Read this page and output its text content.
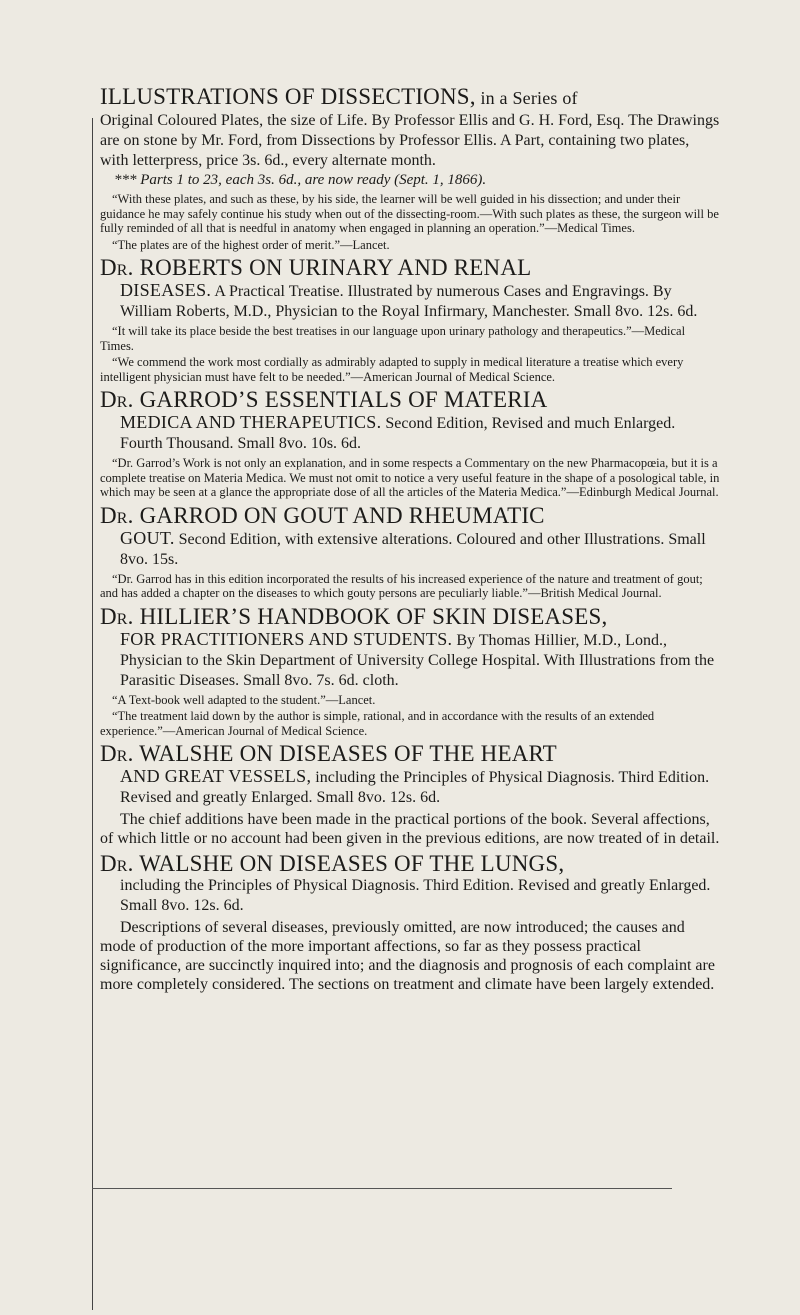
ILLUSTRATIONS OF DISSECTIONS, in a Series of

Original Coloured Plates, the size of Life. By Professor Ellis and G. H. Ford, Esq. The Drawings are on stone by Mr. Ford, from Dissections by Professor Ellis. A Part, containing two plates, with letterpress, price 3s. 6d., every alternate month.

*** Parts 1 to 23, each 3s. 6d., are now ready (Sept. 1, 1866).

“With these plates, and such as these, by his side, the learner will be well guided in his dissection; and under their guidance he may safely continue his study when out of the dissecting-room.—With such plates as these, the surgeon will be fully reminded of all that is needful in anatomy when engaged in planning an operation.”—Medical Times.

“The plates are of the highest order of merit.”—Lancet.

Dr. ROBERTS ON URINARY AND RENAL

DISEASES. A Practical Treatise. Illustrated by numerous Cases and Engravings. By William Roberts, M.D., Physician to the Royal Infirmary, Manchester. Small 8vo. 12s. 6d.

“It will take its place beside the best treatises in our language upon urinary pathology and therapeutics.”—Medical Times.

“We commend the work most cordially as admirably adapted to supply in medical literature a treatise which every intelligent physician must have felt to be needed.”—American Journal of Medical Science.

Dr. GARROD’S ESSENTIALS OF MATERIA

MEDICA AND THERAPEUTICS. Second Edition, Revised and much Enlarged. Fourth Thousand. Small 8vo. 10s. 6d.

“Dr. Garrod’s Work is not only an explanation, and in some respects a Commentary on the new Pharmacopœia, but it is a complete treatise on Materia Medica. We must not omit to notice a very useful feature in the shape of a posological table, in which may be seen at a glance the appropriate dose of all the articles of the Materia Medica.”—Edinburgh Medical Journal.

Dr. GARROD ON GOUT AND RHEUMATIC

GOUT. Second Edition, with extensive alterations. Coloured and other Illustrations. Small 8vo. 15s.

“Dr. Garrod has in this edition incorporated the results of his increased experience of the nature and treatment of gout; and has added a chapter on the diseases to which gouty persons are peculiarly liable.”—British Medical Journal.

Dr. HILLIER’S HANDBOOK OF SKIN DISEASES,

FOR PRACTITIONERS AND STUDENTS. By Thomas Hillier, M.D., Lond., Physician to the Skin Department of University College Hospital. With Illustrations from the Parasitic Diseases. Small 8vo. 7s. 6d. cloth.

“A Text-book well adapted to the student.”—Lancet.

“The treatment laid down by the author is simple, rational, and in accordance with the results of an extended experience.”—American Journal of Medical Science.

Dr. WALSHE ON DISEASES OF THE HEART

AND GREAT VESSELS, including the Principles of Physical Diagnosis. Third Edition. Revised and greatly Enlarged. Small 8vo. 12s. 6d.

The chief additions have been made in the practical portions of the book. Several affections, of which little or no account had been given in the previous editions, are now treated of in detail.

Dr. WALSHE ON DISEASES OF THE LUNGS,

including the Principles of Physical Diagnosis. Third Edition. Revised and greatly Enlarged. Small 8vo. 12s. 6d.

Descriptions of several diseases, previously omitted, are now introduced; the causes and mode of production of the more important affections, so far as they possess practical significance, are succinctly inquired into; and the diagnosis and prognosis of each complaint are more completely considered. The sections on treatment and climate have been largely extended.
